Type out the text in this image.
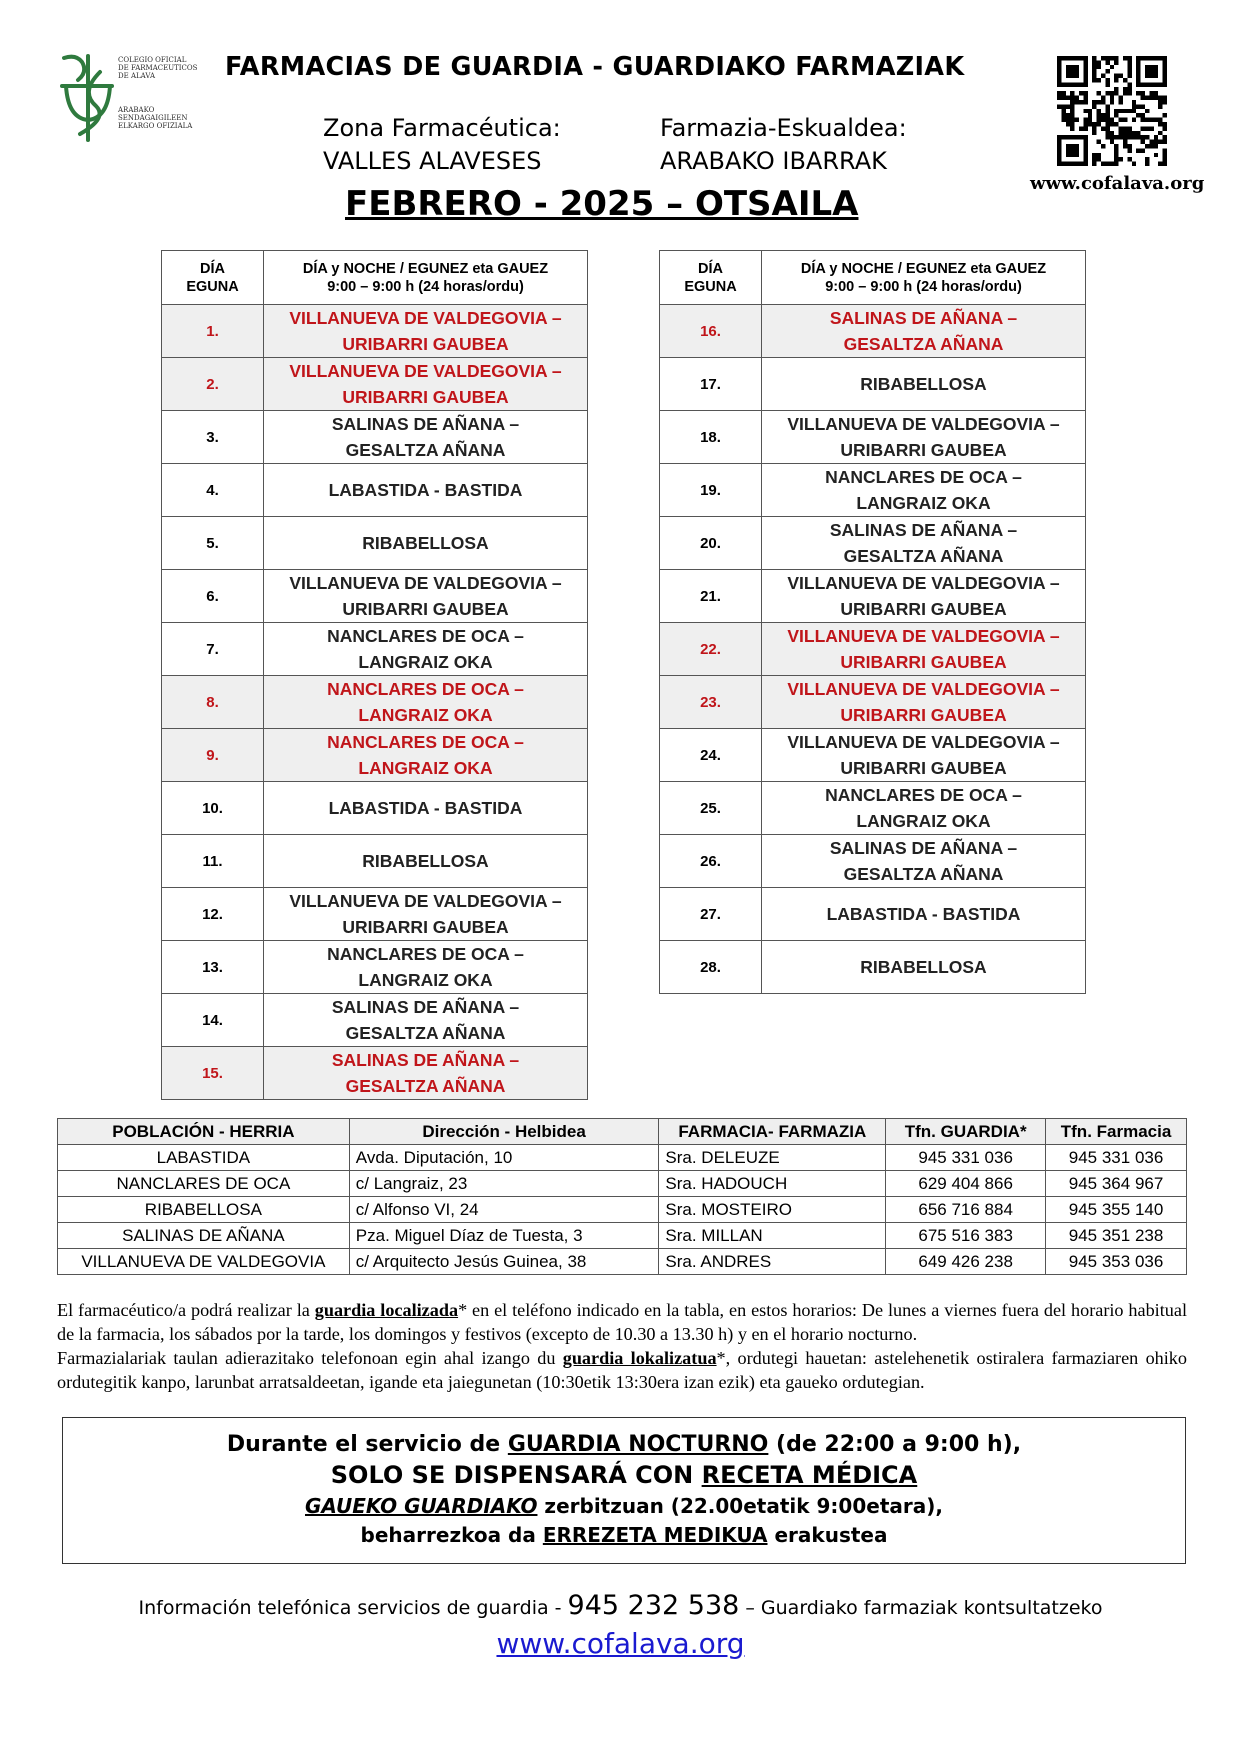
COLEGIO OFICIAL
DE FARMACEUTICOS
DE ALAVA
ARABAKO
SENDAGAIGILEEN
ELKARGO OFIZIALA
FARMACIAS DE GUARDIA - GUARDIAKO FARMAZIAK
Zona Farmacéutica:
VALLES ALAVESES
Farmazia-Eskualdea:
ARABAKO IBARRAK
FEBRERO - 2025 – OTSAILA
www.cofalava.org
DÍA
EGUNA	DÍA y NOCHE / EGUNEZ eta GAUEZ
9:00 – 9:00 h (24 horas/ordu)
1.	VILLANUEVA DE VALDEGOVIA –
URIBARRI GAUBEA

2.	VILLANUEVA DE VALDEGOVIA –
URIBARRI GAUBEA

3.	SALINAS DE AÑANA –
GESALTZA AÑANA

4.	LABASTIDA - BASTIDA

5.	RIBABELLOSA

6.	VILLANUEVA DE VALDEGOVIA –
URIBARRI GAUBEA

7.	NANCLARES DE OCA –
LANGRAIZ OKA

8.	NANCLARES DE OCA –
LANGRAIZ OKA

9.	NANCLARES DE OCA –
LANGRAIZ OKA

10.	LABASTIDA - BASTIDA

11.	RIBABELLOSA

12.	VILLANUEVA DE VALDEGOVIA –
URIBARRI GAUBEA

13.	NANCLARES DE OCA –
LANGRAIZ OKA

14.	SALINAS DE AÑANA –
GESALTZA AÑANA

15.	SALINAS DE AÑANA –
GESALTZA AÑANA
DÍA
EGUNA	DÍA y NOCHE / EGUNEZ eta GAUEZ
9:00 – 9:00 h (24 horas/ordu)
16.	SALINAS DE AÑANA –
GESALTZA AÑANA

17.	RIBABELLOSA

18.	VILLANUEVA DE VALDEGOVIA –
URIBARRI GAUBEA

19.	NANCLARES DE OCA –
LANGRAIZ OKA

20.	SALINAS DE AÑANA –
GESALTZA AÑANA

21.	VILLANUEVA DE VALDEGOVIA –
URIBARRI GAUBEA

22.	VILLANUEVA DE VALDEGOVIA –
URIBARRI GAUBEA

23.	VILLANUEVA DE VALDEGOVIA –
URIBARRI GAUBEA

24.	VILLANUEVA DE VALDEGOVIA –
URIBARRI GAUBEA

25.	NANCLARES DE OCA –
LANGRAIZ OKA

26.	SALINAS DE AÑANA –
GESALTZA AÑANA

27.	LABASTIDA - BASTIDA

28.	RIBABELLOSA
POBLACIÓN - HERRIA	Dirección - Helbidea	FARMACIA- FARMAZIA	Tfn. GUARDIA*	Tfn. Farmacia
LABASTIDA	Avda. Diputación, 10	Sra. DELEUZE	945 331 036	945 331 036
NANCLARES DE OCA	c/ Langraiz, 23	Sra. HADOUCH	629 404 866	945 364 967
RIBABELLOSA	c/ Alfonso VI, 24	Sra. MOSTEIRO	656 716 884	945 355 140
SALINAS DE AÑANA	Pza. Miguel Díaz de Tuesta, 3	Sra. MILLAN	675 516 383	945 351 238
VILLANUEVA DE VALDEGOVIA	c/ Arquitecto Jesús Guinea, 38	Sra. ANDRES	649 426 238	945 353 036

El farmacéutico/a podrá realizar la guardia localizada* en el teléfono indicado en la tabla, en estos horarios: De lunes a viernes fuera del horario habitual de la farmacia, los sábados por la tarde, los domingos y festivos (excepto de 10.30 a 13.30 h) y en el horario nocturno.

Farmazialariak taulan adierazitako telefonoan egin ahal izango du guardia lokalizatua*, ordutegi hauetan: astelehenetik ostiralera farmaziaren ohiko ordutegitik kanpo, larunbat arratsaldeetan, igande eta jaiegunetan (10:30etik 13:30era izan ezik) eta gaueko ordutegian.

Durante el servicio de GUARDIA NOCTURNO (de 22:00 a 9:00 h),
SOLO SE DISPENSARÁ CON RECETA MÉDICA
GAUEKO GUARDIAKO zerbitzuan (22.00etatik 9:00etara),
beharrezkoa da ERREZETA MEDIKUA erakustea
Información telefónica servicios de guardia - 945 232 538 – Guardiako farmaziak kontsultatzeko
www.cofalava.org
